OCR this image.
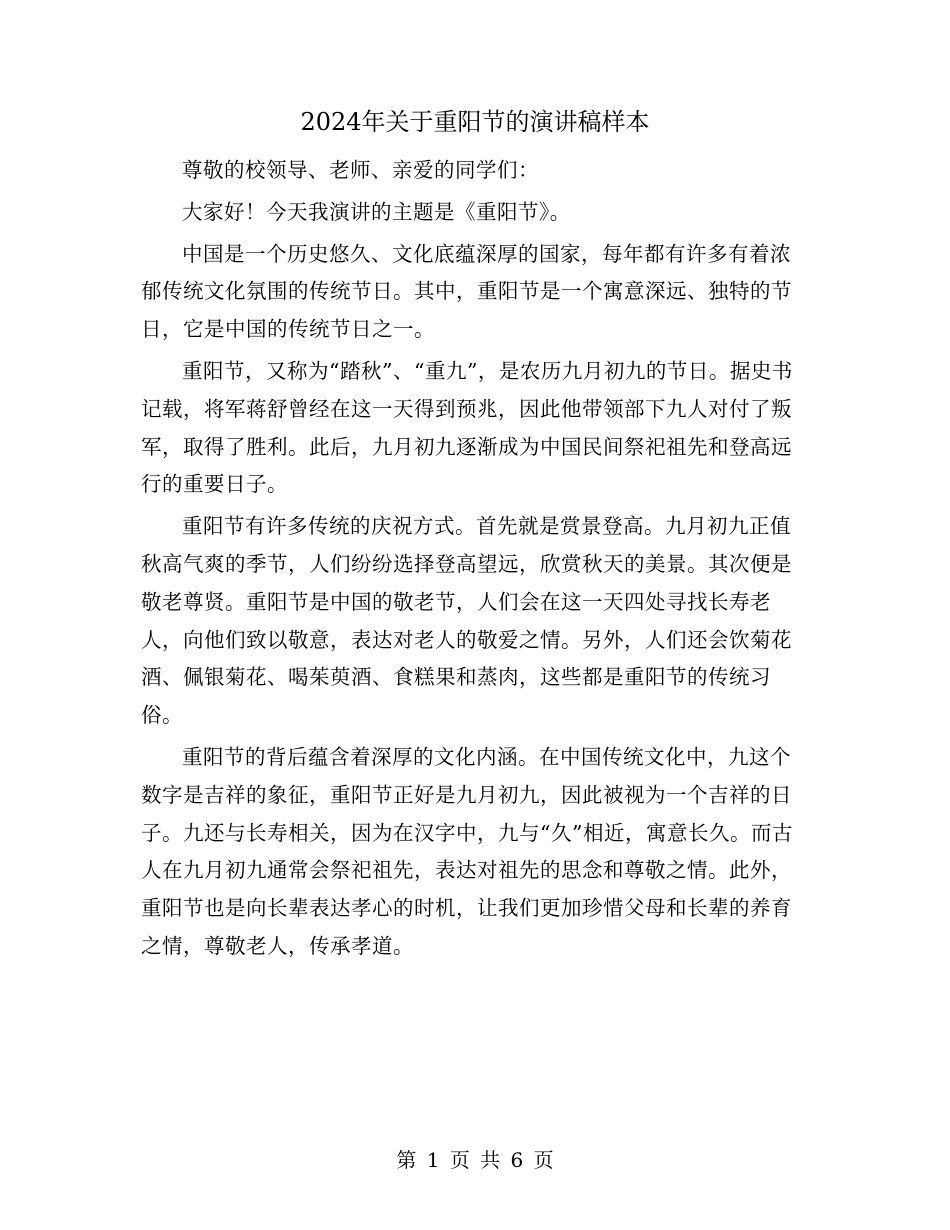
2024年关于重阳节的演讲稿样本

尊敬的校领导、老师、亲爱的同学们：

大家好！今天我演讲的主题是《重阳节》。

中国是一个历史悠久、文化底蕴深厚的国家，每年都有许多有着浓郁传统文化氛围的传统节日。其中，重阳节是一个寓意深远、独特的节日，它是中国的传统节日之一。

重阳节，又称为“踏秋”、“重九”，是农历九月初九的节日。据史书记载，将军蒋舒曾经在这一天得到预兆，因此他带领部下九人对付了叛军，取得了胜利。此后，九月初九逐渐成为中国民间祭祀祖先和登高远行的重要日子。

重阳节有许多传统的庆祝方式。首先就是赏景登高。九月初九正值秋高气爽的季节，人们纷纷选择登高望远，欣赏秋天的美景。其次便是敬老尊贤。重阳节是中国的敬老节，人们会在这一天四处寻找长寿老人，向他们致以敬意，表达对老人的敬爱之情。另外，人们还会饮菊花酒、佩银菊花、喝茱萸酒、食糕果和蒸肉，这些都是重阳节的传统习俗。

重阳节的背后蕴含着深厚的文化内涵。在中国传统文化中，九这个数字是吉祥的象征，重阳节正好是九月初九，因此被视为一个吉祥的日子。九还与长寿相关，因为在汉字中，九与“久”相近，寓意长久。而古人在九月初九通常会祭祀祖先，表达对祖先的思念和尊敬之情。此外，重阳节也是向长辈表达孝心的时机，让我们更加珍惜父母和长辈的养育之情，尊敬老人，传承孝道。

第 1 页 共 6 页
